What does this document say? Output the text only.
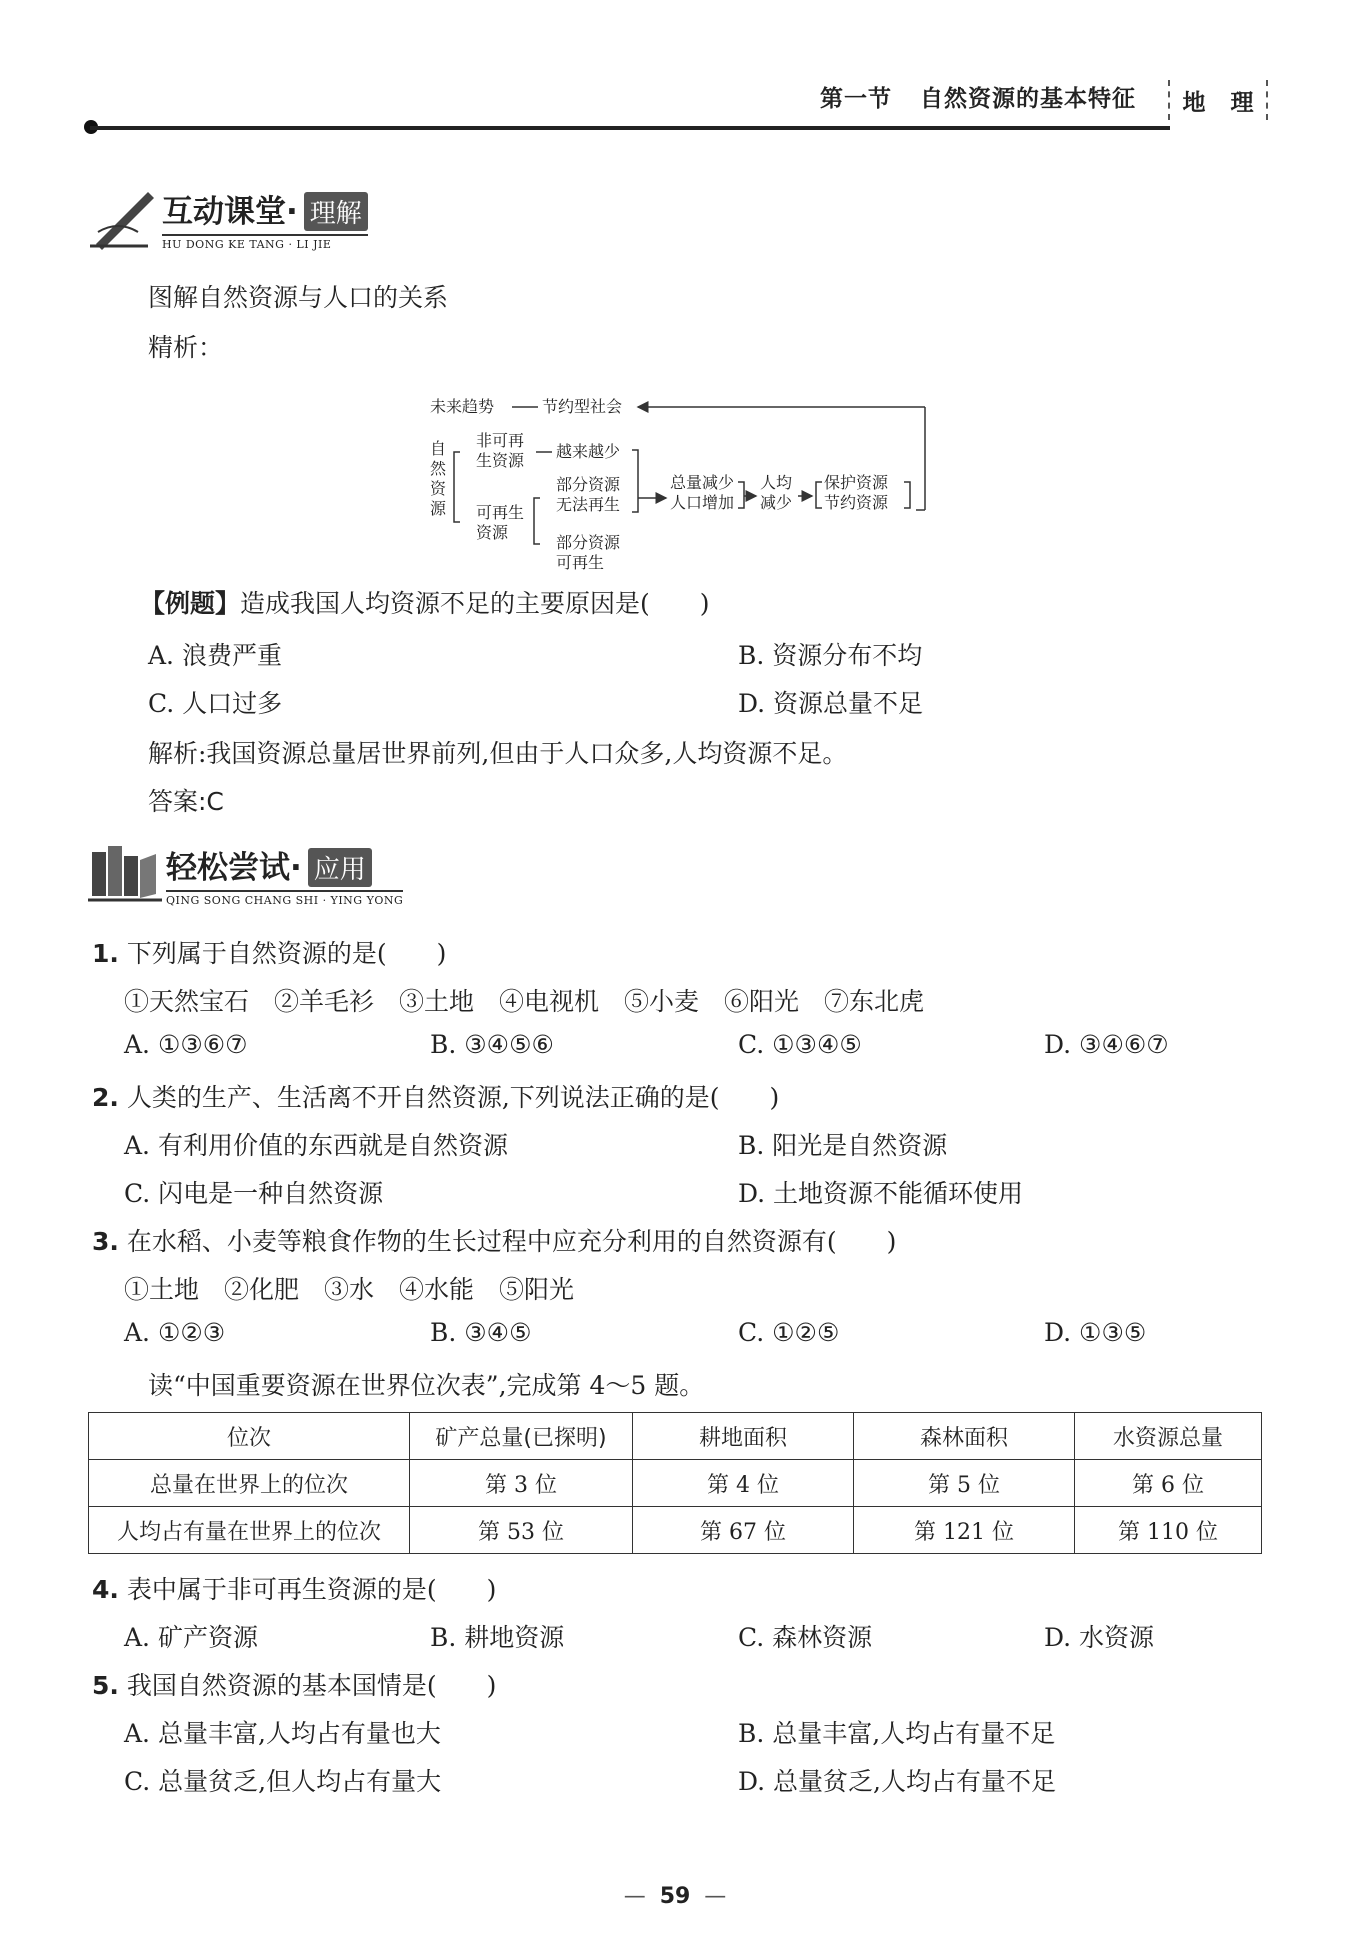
第一节 自然资源的基本特征	地 理
互动课堂· 理解
HU DONG KE TANG · LI JIE
图解自然资源与人口的关系
精析：
未来趋势	节约型社会
自
然
资
源
非可再
生资源 越来越少
可再生
资源
部分资源
无法再生
部分资源
可再生
总量减少
人口增加
人均
减少
保护资源
节约资源
【例题】造成我国人均资源不足的主要原因是(　　)
A. 浪费严重	B. 资源分布不均
C. 人口过多	D. 资源总量不足
解析:我国资源总量居世界前列,但由于人口众多,人均资源不足。
答案:C
轻松尝试· 应用
QING SONG CHANG SHI · YING YONG
1. 下列属于自然资源的是(　　)
①天然宝石　②羊毛衫　③土地　④电视机　⑤小麦　⑥阳光　⑦东北虎
A. ①③⑥⑦	B. ③④⑤⑥	C. ①③④⑤	D. ③④⑥⑦
2. 人类的生产、生活离不开自然资源,下列说法正确的是(　　)
A. 有利用价值的东西就是自然资源	B. 阳光是自然资源
C. 闪电是一种自然资源	D. 土地资源不能循环使用
3. 在水稻、小麦等粮食作物的生长过程中应充分利用的自然资源有(　　)
①土地　②化肥　③水　④水能　⑤阳光
A. ①②③	B. ③④⑤	C. ①②⑤	D. ①③⑤
读“中国重要资源在世界位次表”,完成第 4～5 题。
位次	矿产总量(已探明)	耕地面积	森林面积	水资源总量
总量在世界上的位次	第 3 位	第 4 位	第 5 位	第 6 位
人均占有量在世界上的位次	第 53 位	第 67 位	第 121 位	第 110 位
4. 表中属于非可再生资源的是(　　)
A. 矿产资源	B. 耕地资源	C. 森林资源	D. 水资源
5. 我国自然资源的基本国情是(　　)
A. 总量丰富,人均占有量也大	B. 总量丰富,人均占有量不足
C. 总量贫乏,但人均占有量大	D. 总量贫乏,人均占有量不足
—  59  —
